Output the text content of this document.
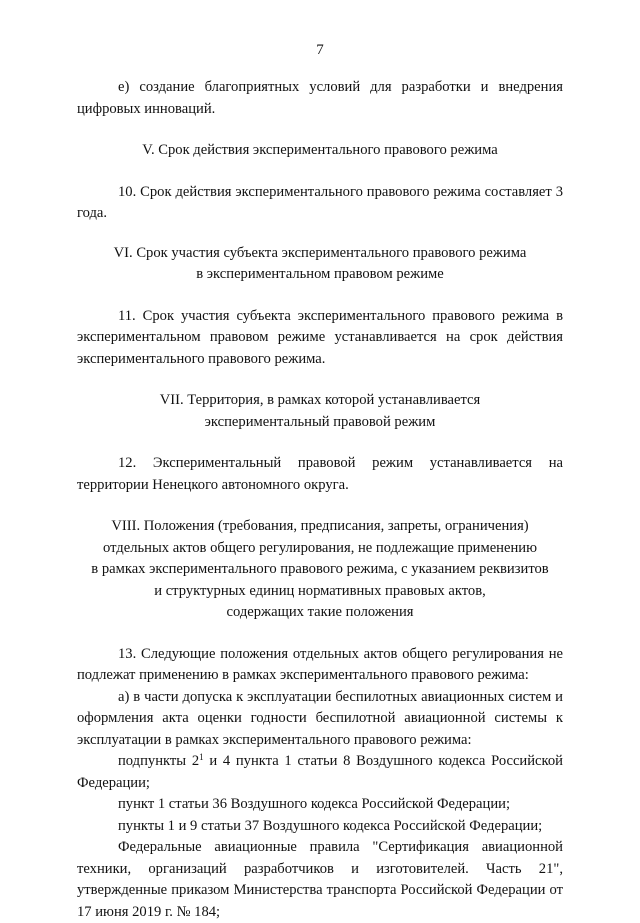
7

е) создание благоприятных условий для разработки и внедрения цифровых инноваций.

V. Срок действия экспериментального правового режима

10. Срок действия экспериментального правового режима составляет 3 года.

VI. Срок участия субъекта экспериментального правового режима

в экспериментальном правовом режиме

11. Срок участия субъекта экспериментального правового режима в экспериментальном правовом режиме устанавливается на срок действия экспериментального правового режима.

VII. Территория, в рамках которой устанавливается

экспериментальный правовой режим

12. Экспериментальный правовой режим устанавливается на территории Ненецкого автономного округа.

VIII. Положения (требования, предписания, запреты, ограничения)

отдельных актов общего регулирования, не подлежащие применению

в рамках экспериментального правового режима, с указанием реквизитов

и структурных единиц нормативных правовых актов,

содержащих такие положения

13. Следующие положения отдельных актов общего регулирования не подлежат применению в рамках экспериментального правового режима:

а) в части допуска к эксплуатации беспилотных авиационных систем и оформления акта оценки годности беспилотной авиационной системы к эксплуатации в рамках экспериментального правового режима:

подпункты $2^1$ и 4 пункта 1 статьи 8 Воздушного кодекса Российской Федерации;

пункт 1 статьи 36 Воздушного кодекса Российской Федерации;

пункты 1 и 9 статьи 37 Воздушного кодекса Российской Федерации;

Федеральные авиационные правила "Сертификация авиационной техники, организаций разработчиков и изготовителей. Часть 21", утвержденные приказом Министерства транспорта Российской Федерации от 17 июня 2019 г. № 184;
